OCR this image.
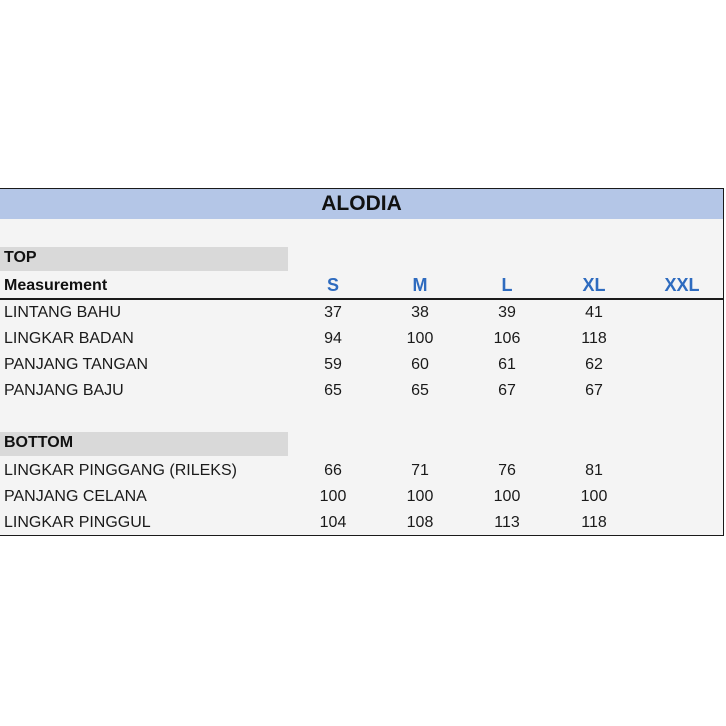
ALODIA
TOP
Measurement	S	M	L	XL	XXL
LINTANG BAHU	37	38	39	41
LINGKAR BADAN	94	100	106	118
PANJANG TANGAN	59	60	61	62
PANJANG BAJU	65	65	67	67
BOTTOM
LINGKAR PINGGANG (RILEKS)	66	71	76	81
PANJANG CELANA	100	100	100	100
LINGKAR PINGGUL	104	108	113	118
